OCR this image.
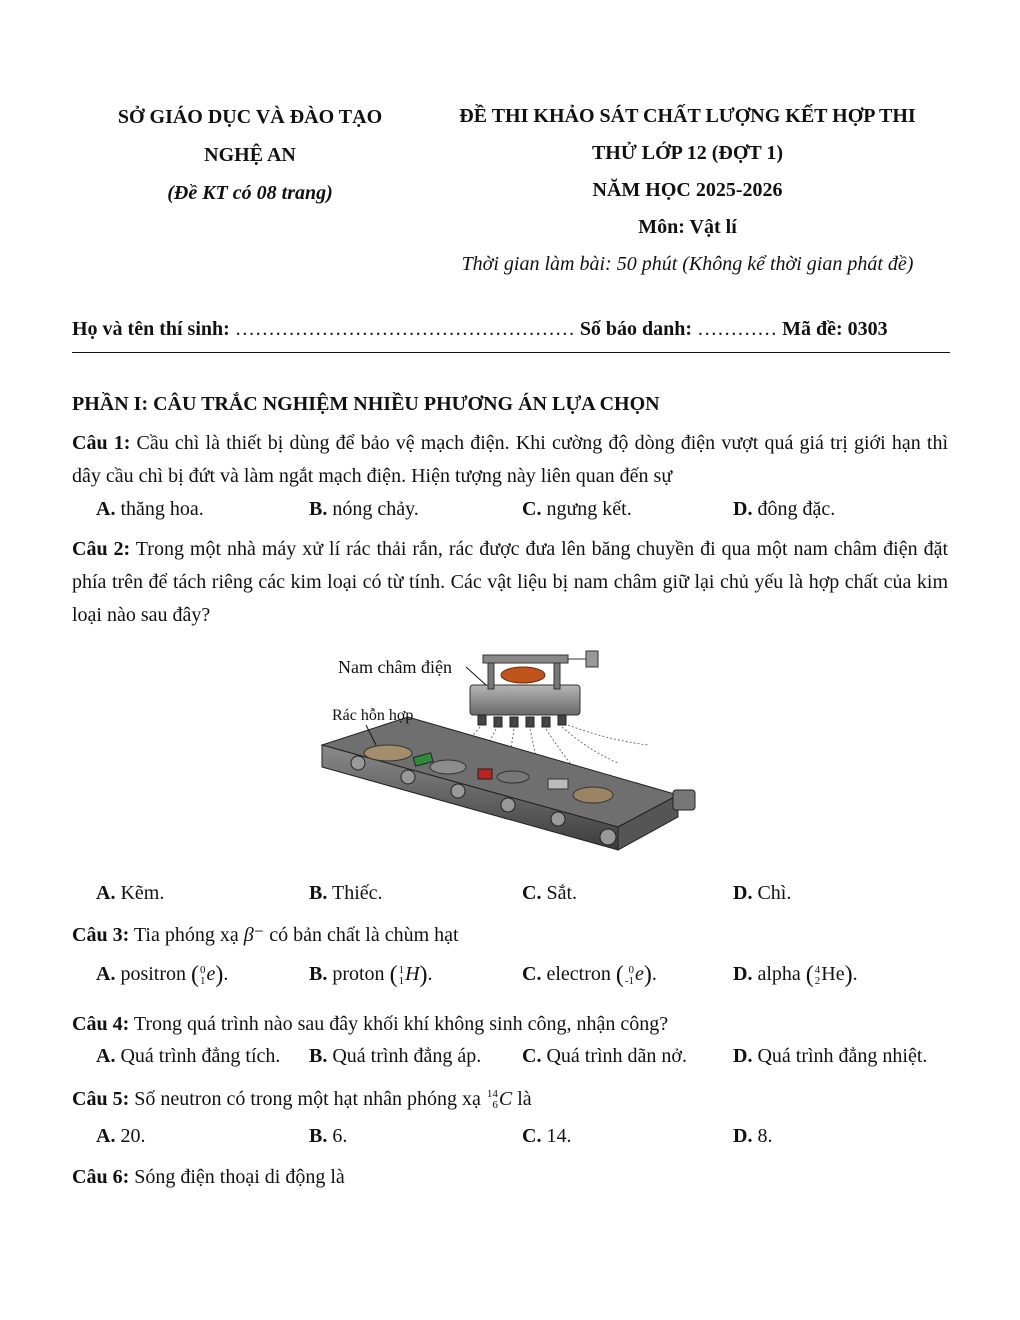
SỞ GIÁO DỤC VÀ ĐÀO TẠO
NGHỆ AN
(Đề KT có 08 trang)
ĐỀ THI KHẢO SÁT CHẤT LƯỢNG KẾT HỢP THI
THỬ LỚP 12 (ĐỢT 1)
NĂM HỌC 2025-2026
Môn: Vật lí
Thời gian làm bài: 50 phút (Không kể thời gian phát đề)
Họ và tên thí sinh: …………………………………………… Số báo danh: ………… Mã đề: 0303
PHẦN I: CÂU TRẮC NGHIỆM NHIỀU PHƯƠNG ÁN LỰA CHỌN
Câu 1: Cầu chì là thiết bị dùng để bảo vệ mạch điện. Khi cường độ dòng điện vượt quá giá trị giới hạn thì dây cầu chì bị đứt và làm ngắt mạch điện. Hiện tượng này liên quan đến sự
A. thăng hoa.	B. nóng chảy.	C. ngưng kết.	D. đông đặc.
Câu 2: Trong một nhà máy xử lí rác thải rắn, rác được đưa lên băng chuyền đi qua một nam châm điện đặt phía trên để tách riêng các kim loại có từ tính. Các vật liệu bị nam châm giữ lại chủ yếu là hợp chất của kim loại nào sau đây?
Nam châm điện
Rác hỗn hợp
A. Kẽm.	B. Thiếc.	C. Sắt.	D. Chì.
Câu 3: Tia phóng xạ β⁻ có bản chất là chùm hạt
A. positron (0
1e).	B. proton (1
1H).	C. electron ( 0
-1e).	D. alpha (4
2He).
Câu 4: Trong quá trình nào sau đây khối khí không sinh công, nhận công?
A. Quá trình đẳng tích. B. Quá trình đẳng áp. C. Quá trình dãn nở. D. Quá trình đẳng nhiệt.
Câu 5: Số neutron có trong một hạt nhân phóng xạ 14
6C là
A. 20.	B. 6.	C. 14.	D. 8.
Câu 6: Sóng điện thoại di động là
